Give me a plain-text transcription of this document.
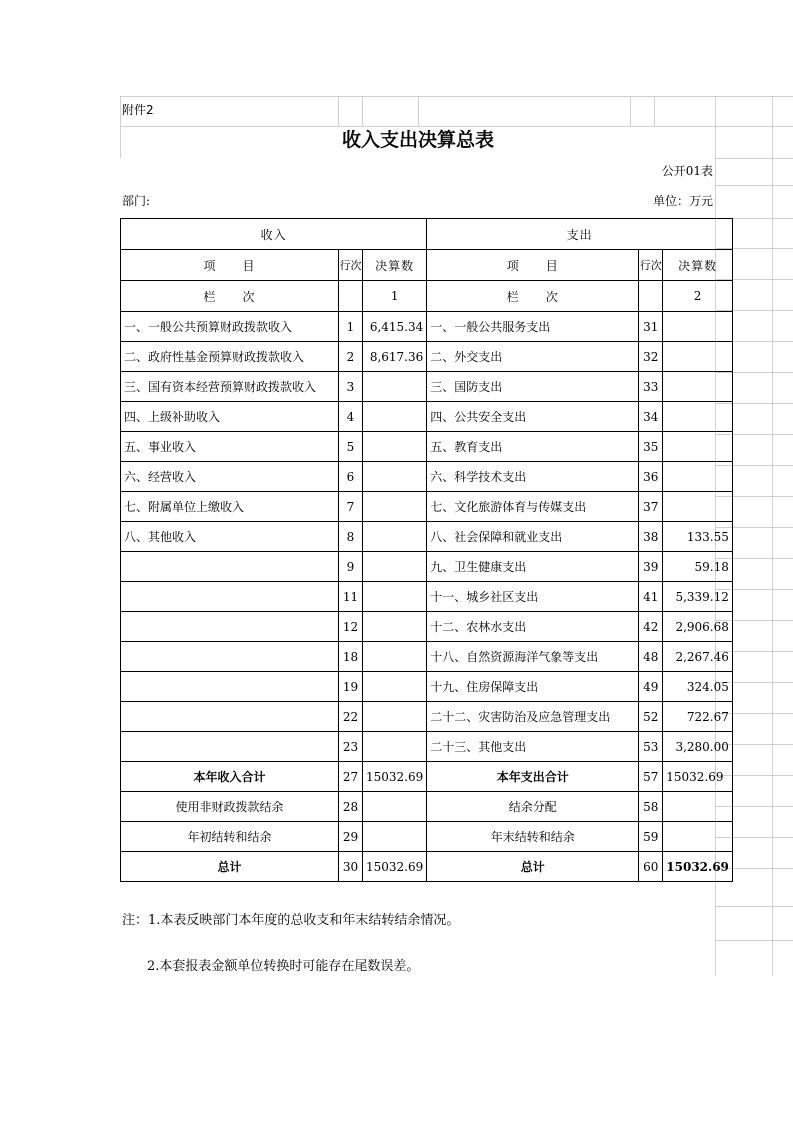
附件2
收入支出决算总表
公开01表
部门:	单位：万元
收入			支出		
项　　目	行次	决算数	项　　目	行次	决算数
栏　　次		1	栏　　次		2
一、一般公共预算财政拨款收入	1	6,415.34	一、一般公共服务支出	31	
二、政府性基金预算财政拨款收入	2	8,617.36	二、外交支出	32	
三、国有资本经营预算财政拨款收入	3		三、国防支出	33	
四、上级补助收入	4		四、公共安全支出	34	
五、事业收入	5		五、教育支出	35	
六、经营收入	6		六、科学技术支出	36	
七、附属单位上缴收入	7		七、文化旅游体育与传媒支出	37	
八、其他收入	8		八、社会保障和就业支出	38	133.55
	9		九、卫生健康支出	39	59.18
	11		十一、城乡社区支出	41	5,339.12
	12		十二、农林水支出	42	2,906.68
	18		十八、自然资源海洋气象等支出	48	2,267.46
	19		十九、住房保障支出	49	324.05
	22		二十二、灾害防治及应急管理支出	52	722.67
	23		二十三、其他支出	53	3,280.00
本年收入合计	27	15032.69	本年支出合计	57	15032.69
使用非财政拨款结余	28		结余分配	58	
年初结转和结余	29		年末结转和结余	59	
总计	30	15032.69	总计	60	15032.69
注：1.本表反映部门本年度的总收支和年末结转结余情况。
2.本套报表金额单位转换时可能存在尾数误差。
